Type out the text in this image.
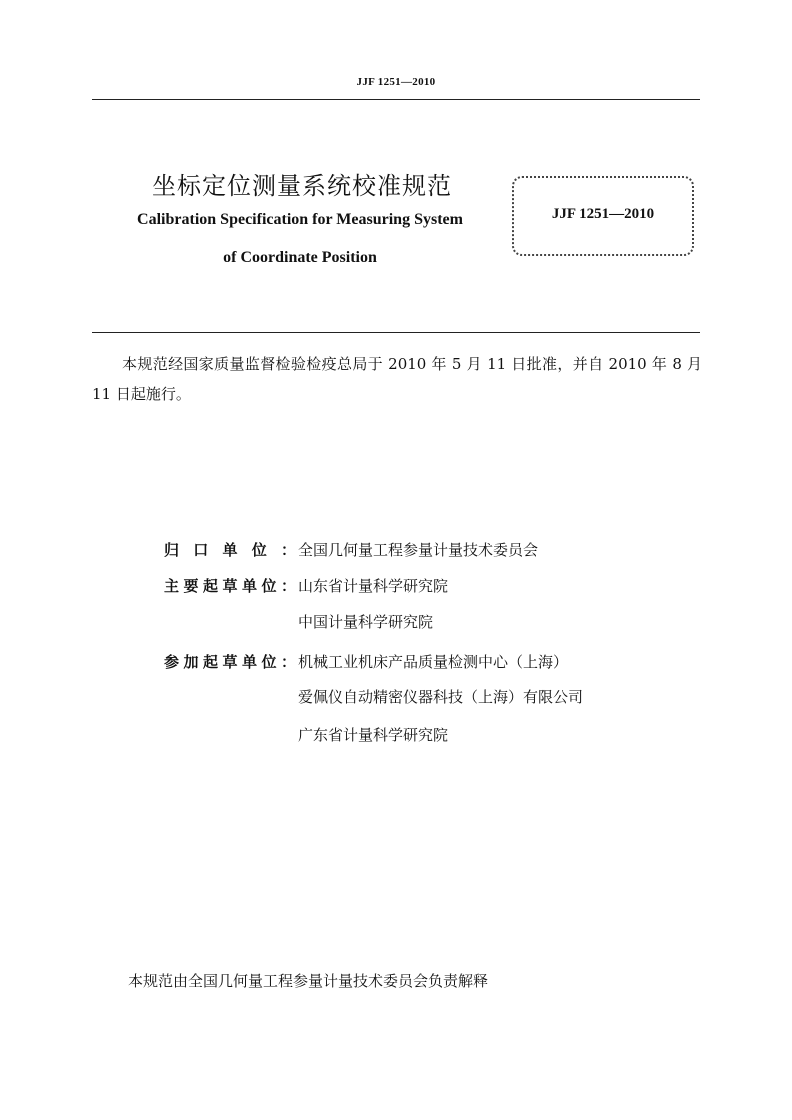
JJF 1251—2010
坐标定位测量系统校准规范
Calibration Specification for Measuring System
of Coordinate Position
JJF 1251—2010
本规范经国家质量监督检验检疫总局于 2010 年 5 月 11 日批准，并自 2010 年 8 月 11 日起施行。
归口单位： 全国几何量工程参量计量技术委员会
主要起草单位： 山东省计量科学研究院
中国计量科学研究院
参加起草单位： 机械工业机床产品质量检测中心（上海）
爱佩仪自动精密仪器科技（上海）有限公司
广东省计量科学研究院
本规范由全国几何量工程参量计量技术委员会负责解释
